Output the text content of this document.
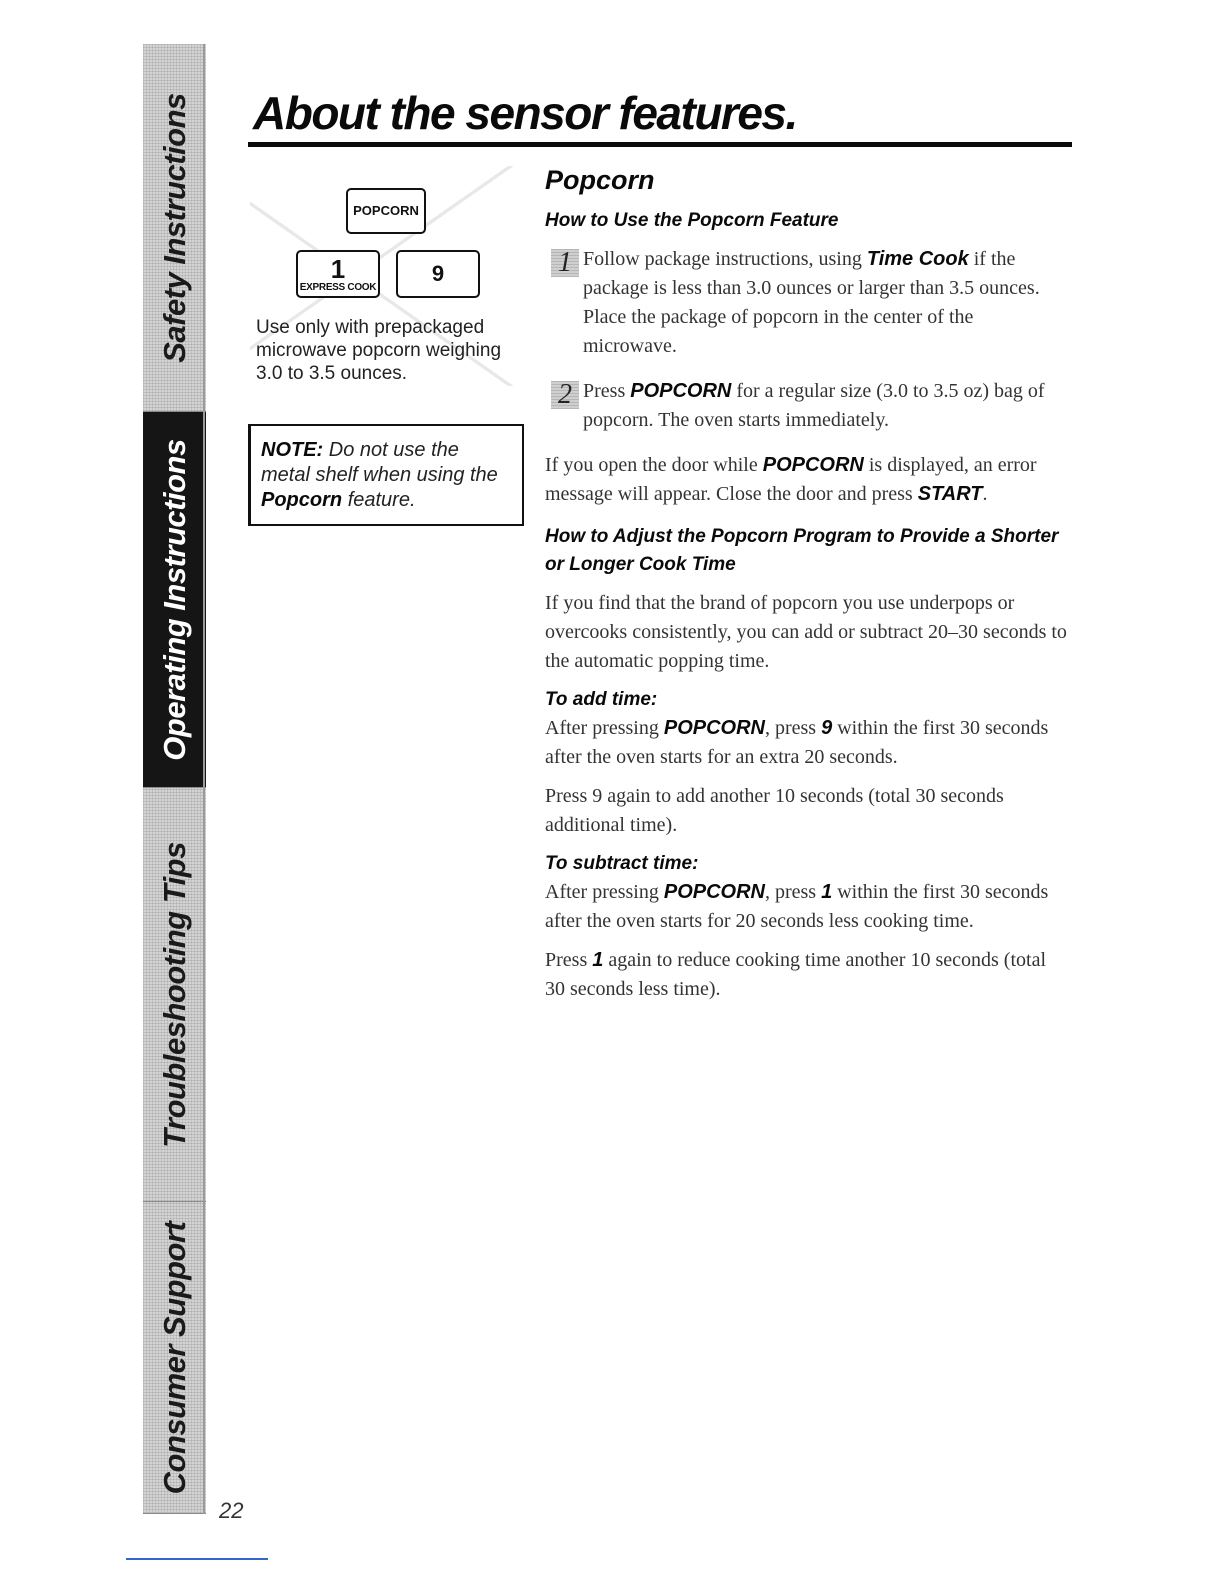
Safety Instructions
Operating Instructions
Troubleshooting Tips
Consumer Support
22
About the sensor features.
POPCORN
1
EXPRESS COOK
9

Use only with prepackaged microwave popcorn weighing 3.0 to 3.5 ounces.

NOTE: Do not use the metal shelf when using the Popcorn feature.
Popcorn
How to Use the Popcorn Feature
1 Follow package instructions, using Time Cook if the package is less than 3.0 ounces or larger than 3.5 ounces. Place the package of popcorn in the center of the microwave.

2 Press POPCORN for a regular size (3.0 to 3.5 oz) bag of popcorn. The oven starts immediately.

If you open the door while POPCORN is displayed, an error message will appear. Close the door and press START.

How to Adjust the Popcorn Program to Provide a Shorter or Longer Cook Time

If you find that the brand of popcorn you use underpops or overcooks consistently, you can add or subtract 20–30 seconds to the automatic popping time.

To add time:

After pressing POPCORN, press 9 within the first 30 seconds after the oven starts for an extra 20 seconds.

Press 9 again to add another 10 seconds (total 30 seconds additional time).

To subtract time:

After pressing POPCORN, press 1 within the first 30 seconds after the oven starts for 20 seconds less cooking time.

Press 1 again to reduce cooking time another 10 seconds (total 30 seconds less time).
